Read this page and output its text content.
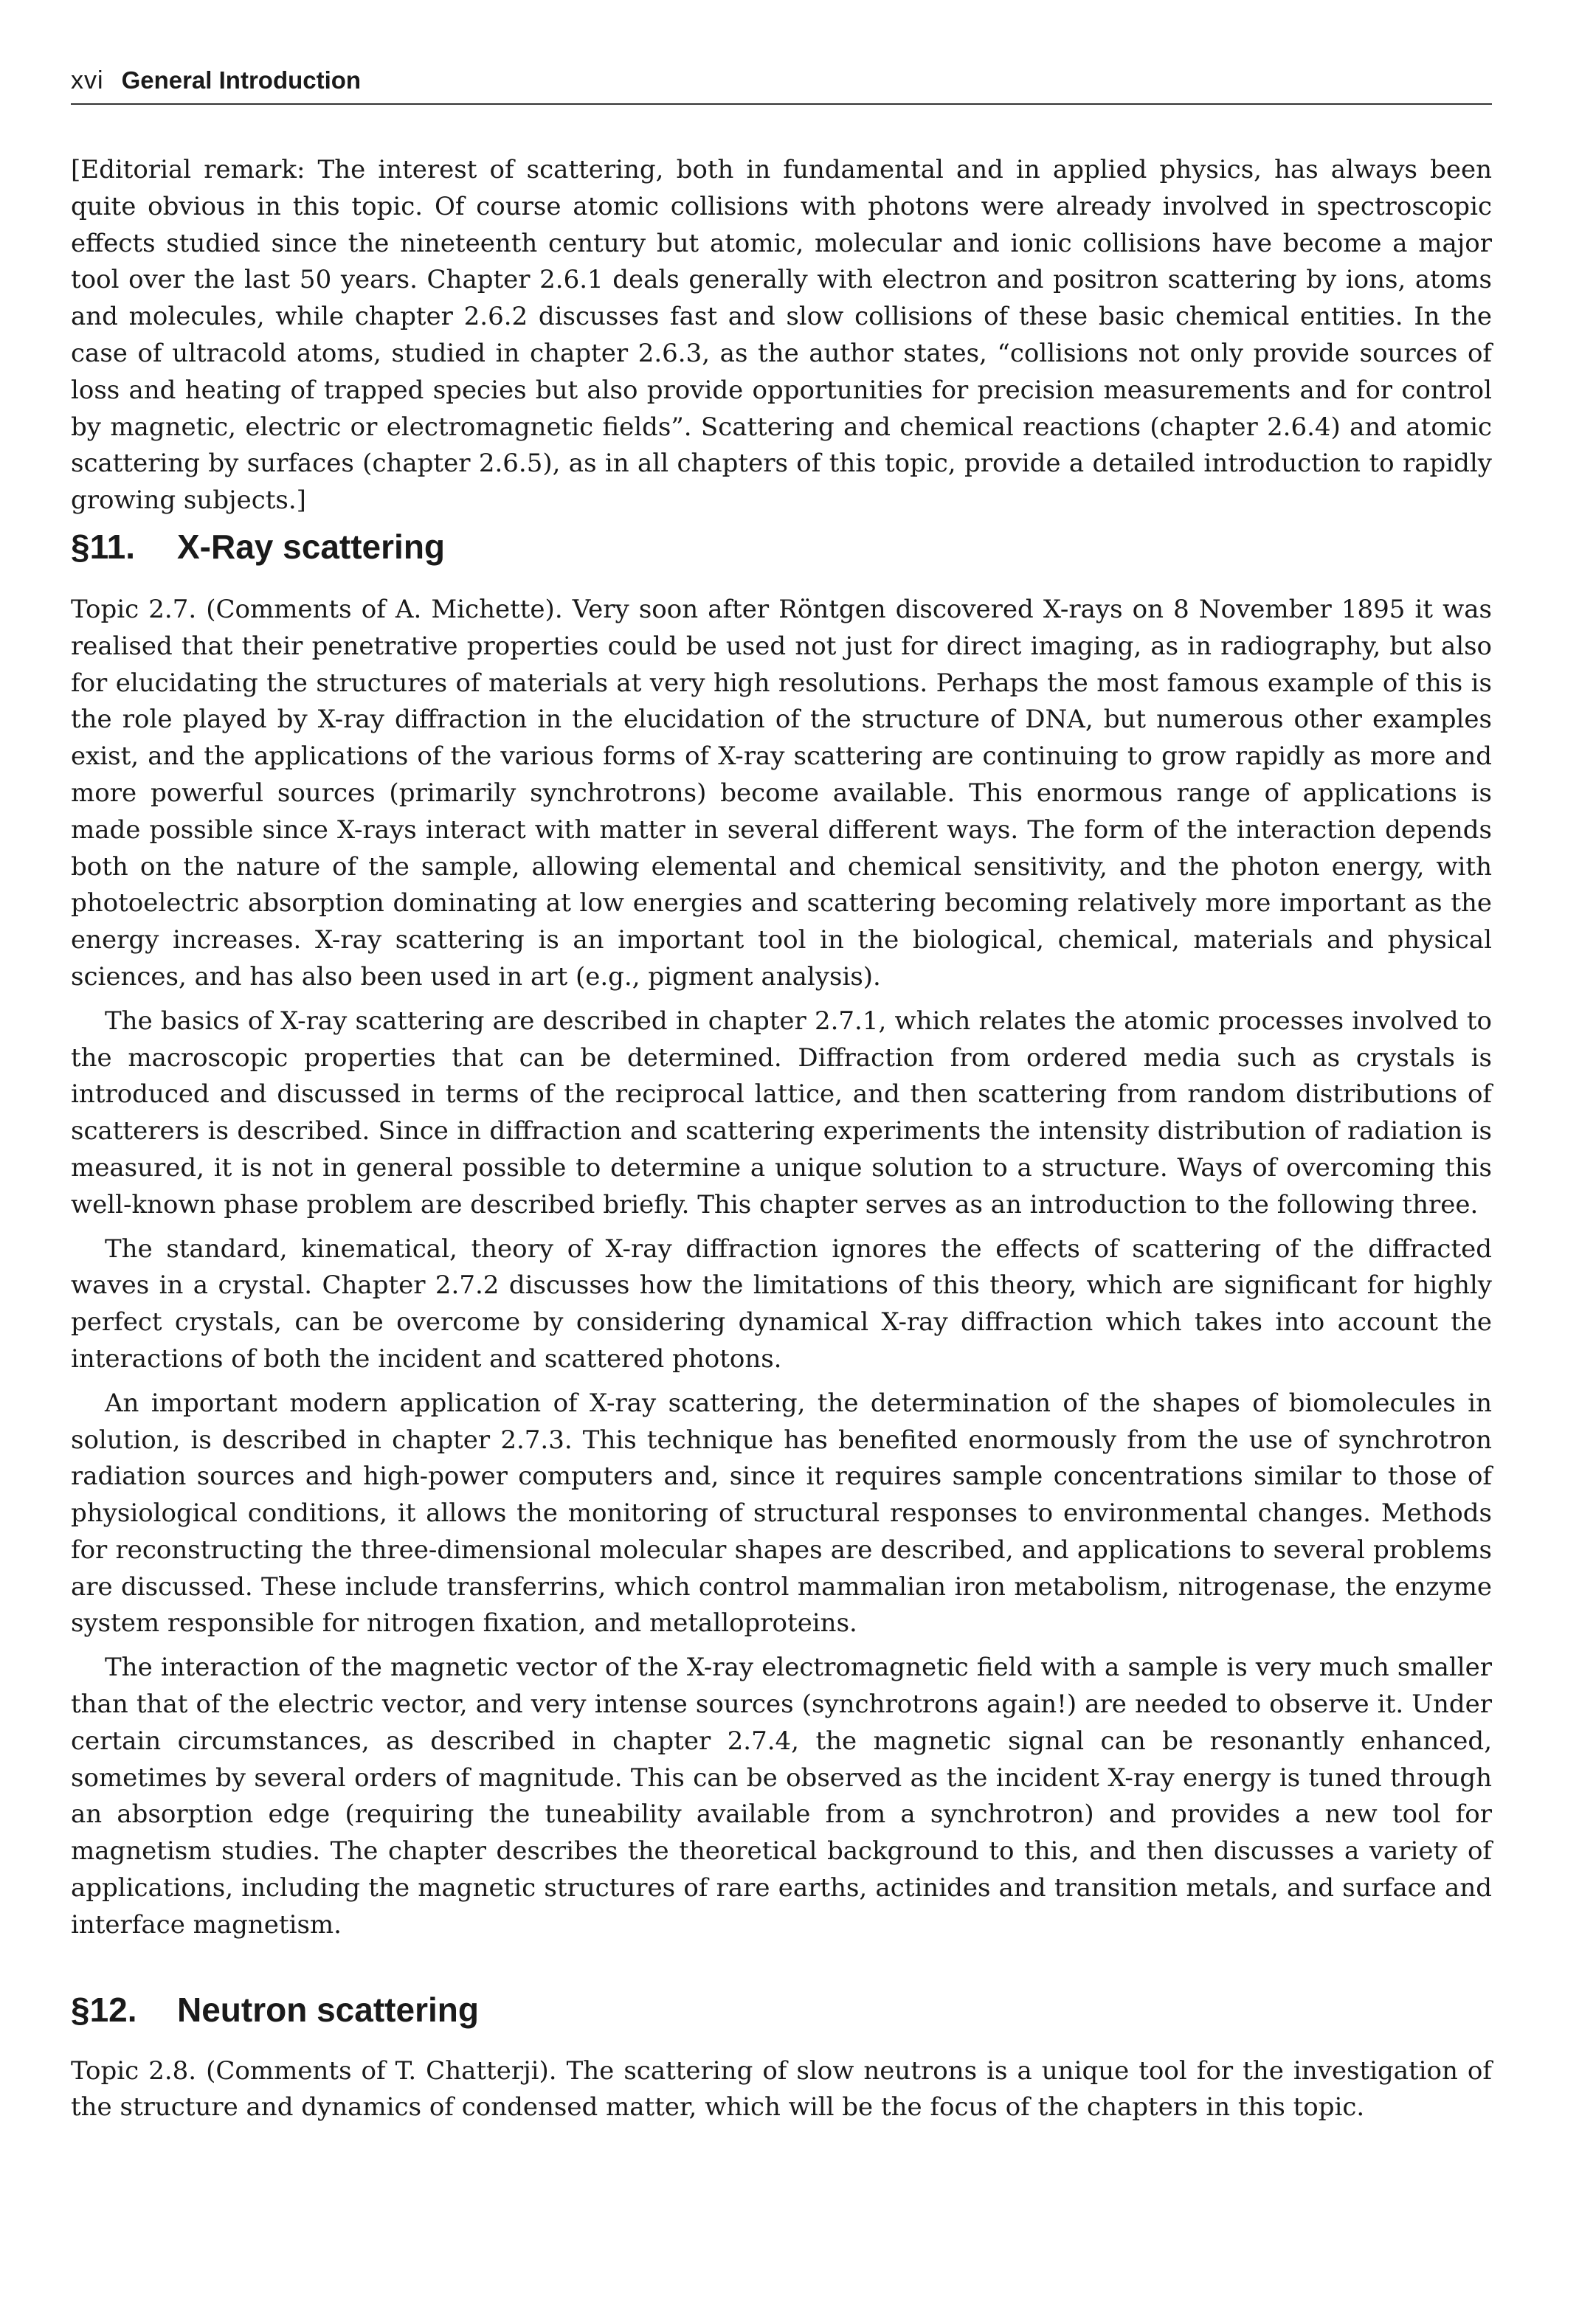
xvi General Introduction

[Editorial remark: The interest of scattering, both in fundamental and in applied physics, has always been quite obvious in this topic. Of course atomic collisions with photons were already involved in spectroscopic effects studied since the nineteenth century but atomic, molecular and ionic collisions have become a major tool over the last 50 years. Chapter 2.6.1 deals generally with electron and positron scattering by ions, atoms and molecules, while chapter 2.6.2 discusses fast and slow collisions of these basic chemical entities. In the case of ultracold atoms, studied in chapter 2.6.3, as the author states, “collisions not only provide sources of loss and heating of trapped species but also provide opportunities for precision measurements and for control by magnetic, electric or electromagnetic fields”. Scattering and chemical reactions (chapter 2.6.4) and atomic scattering by surfaces (chapter 2.6.5), as in all chapters of this topic, provide a detailed introduction to rapidly growing subjects.]

§11.	X-Ray scattering

Topic 2.7. (Comments of A. Michette). Very soon after Röntgen discovered X-rays on 8 November 1895 it was realised that their penetrative properties could be used not just for direct imaging, as in radiography, but also for elucidating the structures of materials at very high resolutions. Perhaps the most famous example of this is the role played by X-ray diffraction in the elucidation of the structure of DNA, but numerous other examples exist, and the applications of the various forms of X-ray scattering are continuing to grow rapidly as more and more powerful sources (primarily synchrotrons) become available. This enormous range of applications is made possible since X-rays interact with matter in several different ways. The form of the interaction depends both on the nature of the sample, allowing elemental and chemical sensitivity, and the photon energy, with photoelectric absorption dominating at low energies and scattering becoming relatively more important as the energy increases. X-ray scattering is an important tool in the biological, chemical, materials and physical sciences, and has also been used in art (e.g., pigment analysis).

The basics of X-ray scattering are described in chapter 2.7.1, which relates the atomic processes involved to the macroscopic properties that can be determined. Diffraction from ordered media such as crystals is introduced and discussed in terms of the reciprocal lattice, and then scattering from random distributions of scatterers is described. Since in diffraction and scattering experiments the intensity distribution of radiation is measured, it is not in general possible to determine a unique solution to a structure. Ways of overcoming this well-known phase problem are described briefly. This chapter serves as an introduction to the following three.

The standard, kinematical, theory of X-ray diffraction ignores the effects of scattering of the diffracted waves in a crystal. Chapter 2.7.2 discusses how the limitations of this theory, which are significant for highly perfect crystals, can be overcome by considering dynamical X-ray diffraction which takes into account the interactions of both the incident and scattered photons.

An important modern application of X-ray scattering, the determination of the shapes of biomolecules in solution, is described in chapter 2.7.3. This technique has benefited enormously from the use of synchrotron radiation sources and high-power computers and, since it requires sample concentrations similar to those of physiological conditions, it allows the monitoring of structural responses to environmental changes. Methods for reconstructing the three-dimensional molecular shapes are described, and applications to several problems are discussed. These include transferrins, which control mammalian iron metabolism, nitrogenase, the enzyme system responsible for nitrogen fixation, and metalloproteins.

The interaction of the magnetic vector of the X-ray electromagnetic field with a sample is very much smaller than that of the electric vector, and very intense sources (synchrotrons again!) are needed to observe it. Under certain circumstances, as described in chapter 2.7.4, the magnetic signal can be resonantly enhanced, sometimes by several orders of magnitude. This can be observed as the incident X-ray energy is tuned through an absorption edge (requiring the tuneability available from a synchrotron) and provides a new tool for magnetism studies. The chapter describes the theoretical background to this, and then discusses a variety of applications, including the magnetic structures of rare earths, actinides and transition metals, and surface and interface magnetism.

§12.	Neutron scattering

Topic 2.8. (Comments of T. Chatterji). The scattering of slow neutrons is a unique tool for the investigation of the structure and dynamics of condensed matter, which will be the focus of the chapters in this topic.
